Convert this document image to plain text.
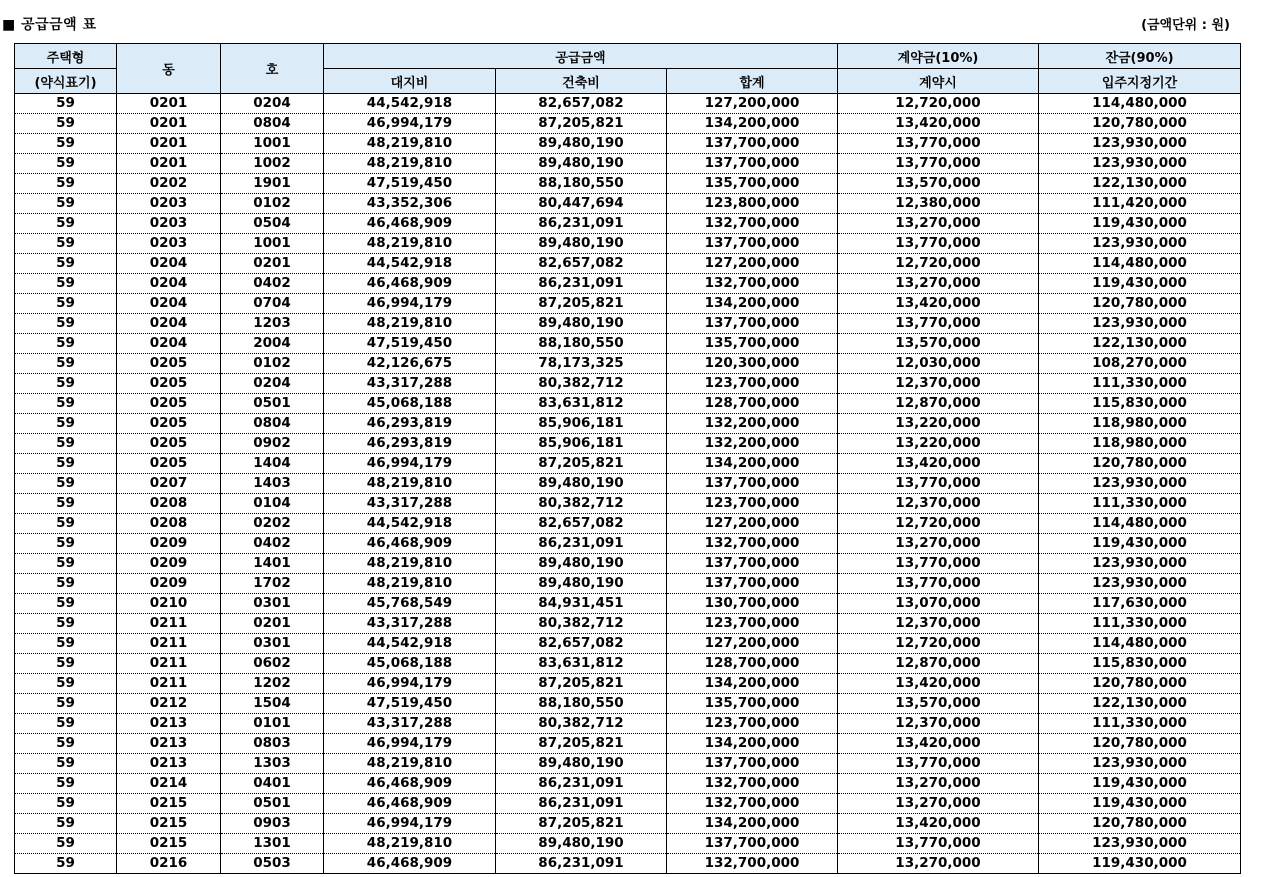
■ 공급금액 표	(금액단위 : 원)
주택형	동	호	공급금액			계약금(10%)	잔금(90%)
(약식표기)			대지비	건축비	합계	계약시	입주지정기간
59	0201	0204	44,542,918	82,657,082	127,200,000	12,720,000	114,480,000
59	0201	0804	46,994,179	87,205,821	134,200,000	13,420,000	120,780,000
59	0201	1001	48,219,810	89,480,190	137,700,000	13,770,000	123,930,000
59	0201	1002	48,219,810	89,480,190	137,700,000	13,770,000	123,930,000
59	0202	1901	47,519,450	88,180,550	135,700,000	13,570,000	122,130,000
59	0203	0102	43,352,306	80,447,694	123,800,000	12,380,000	111,420,000
59	0203	0504	46,468,909	86,231,091	132,700,000	13,270,000	119,430,000
59	0203	1001	48,219,810	89,480,190	137,700,000	13,770,000	123,930,000
59	0204	0201	44,542,918	82,657,082	127,200,000	12,720,000	114,480,000
59	0204	0402	46,468,909	86,231,091	132,700,000	13,270,000	119,430,000
59	0204	0704	46,994,179	87,205,821	134,200,000	13,420,000	120,780,000
59	0204	1203	48,219,810	89,480,190	137,700,000	13,770,000	123,930,000
59	0204	2004	47,519,450	88,180,550	135,700,000	13,570,000	122,130,000
59	0205	0102	42,126,675	78,173,325	120,300,000	12,030,000	108,270,000
59	0205	0204	43,317,288	80,382,712	123,700,000	12,370,000	111,330,000
59	0205	0501	45,068,188	83,631,812	128,700,000	12,870,000	115,830,000
59	0205	0804	46,293,819	85,906,181	132,200,000	13,220,000	118,980,000
59	0205	0902	46,293,819	85,906,181	132,200,000	13,220,000	118,980,000
59	0205	1404	46,994,179	87,205,821	134,200,000	13,420,000	120,780,000
59	0207	1403	48,219,810	89,480,190	137,700,000	13,770,000	123,930,000
59	0208	0104	43,317,288	80,382,712	123,700,000	12,370,000	111,330,000
59	0208	0202	44,542,918	82,657,082	127,200,000	12,720,000	114,480,000
59	0209	0402	46,468,909	86,231,091	132,700,000	13,270,000	119,430,000
59	0209	1401	48,219,810	89,480,190	137,700,000	13,770,000	123,930,000
59	0209	1702	48,219,810	89,480,190	137,700,000	13,770,000	123,930,000
59	0210	0301	45,768,549	84,931,451	130,700,000	13,070,000	117,630,000
59	0211	0201	43,317,288	80,382,712	123,700,000	12,370,000	111,330,000
59	0211	0301	44,542,918	82,657,082	127,200,000	12,720,000	114,480,000
59	0211	0602	45,068,188	83,631,812	128,700,000	12,870,000	115,830,000
59	0211	1202	46,994,179	87,205,821	134,200,000	13,420,000	120,780,000
59	0212	1504	47,519,450	88,180,550	135,700,000	13,570,000	122,130,000
59	0213	0101	43,317,288	80,382,712	123,700,000	12,370,000	111,330,000
59	0213	0803	46,994,179	87,205,821	134,200,000	13,420,000	120,780,000
59	0213	1303	48,219,810	89,480,190	137,700,000	13,770,000	123,930,000
59	0214	0401	46,468,909	86,231,091	132,700,000	13,270,000	119,430,000
59	0215	0501	46,468,909	86,231,091	132,700,000	13,270,000	119,430,000
59	0215	0903	46,994,179	87,205,821	134,200,000	13,420,000	120,780,000
59	0215	1301	48,219,810	89,480,190	137,700,000	13,770,000	123,930,000
59	0216	0503	46,468,909	86,231,091	132,700,000	13,270,000	119,430,000
